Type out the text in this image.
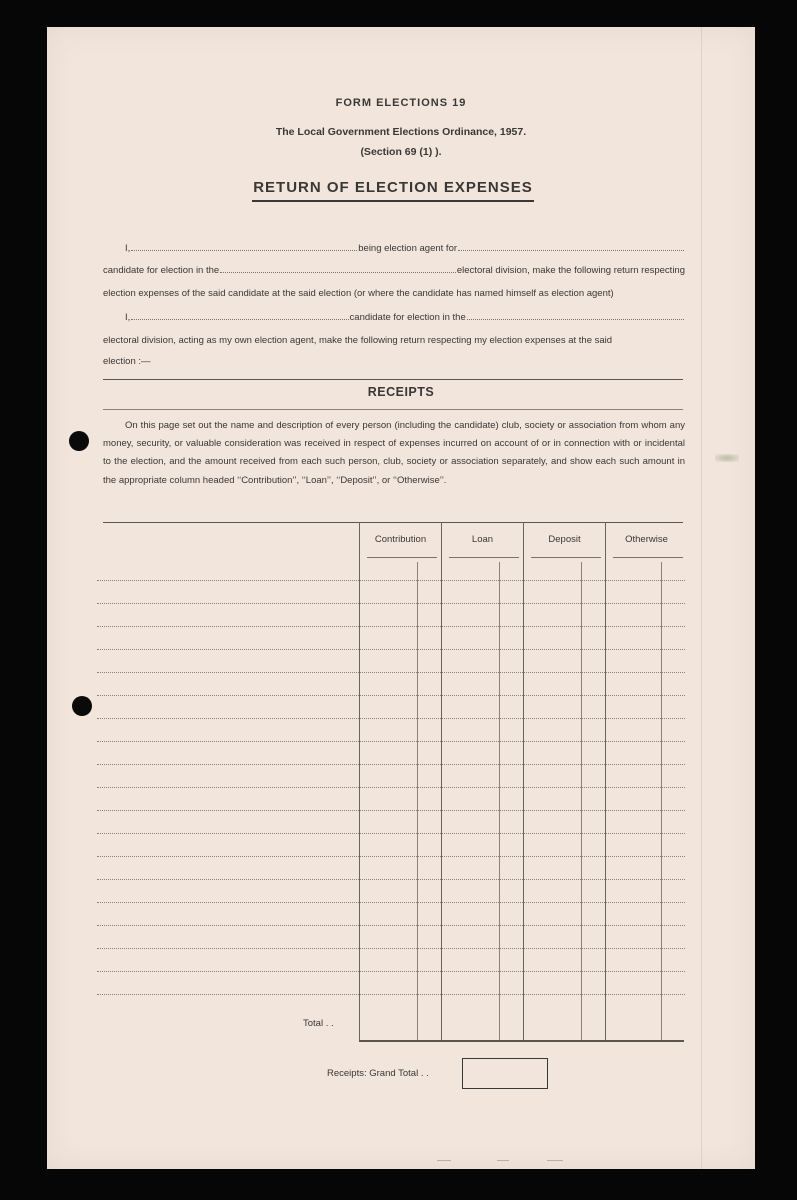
FORM ELECTIONS 19
The Local Government Elections Ordinance, 1957.
(Section 69 (1) ).
RETURN OF ELECTION EXPENSES
I,	being election agent for
candidate for election in the	electoral division, make the following return respecting
election expenses of the said candidate at the said election (or where the candidate has named himself as election agent)
I,	candidate for election in the
electoral division, acting as my own election agent, make the following return respecting my election expenses at the said
election :—
RECEIPTS
On this page set out the name and description of every person (including the candidate) club, society or association from whom any money, security, or valuable consideration was received in respect of expenses incurred on account of or in connection with or incidental to the election, and the amount received from each such person, club, society or association separately, and show each such amount in the appropriate column headed ‘‘Contribution’’, ‘‘Loan’’, ‘‘Deposit’’, or ‘‘Otherwise’’.
Contribution	Loan	Deposit	Otherwise
Total . .
Receipts: Grand Total . .
